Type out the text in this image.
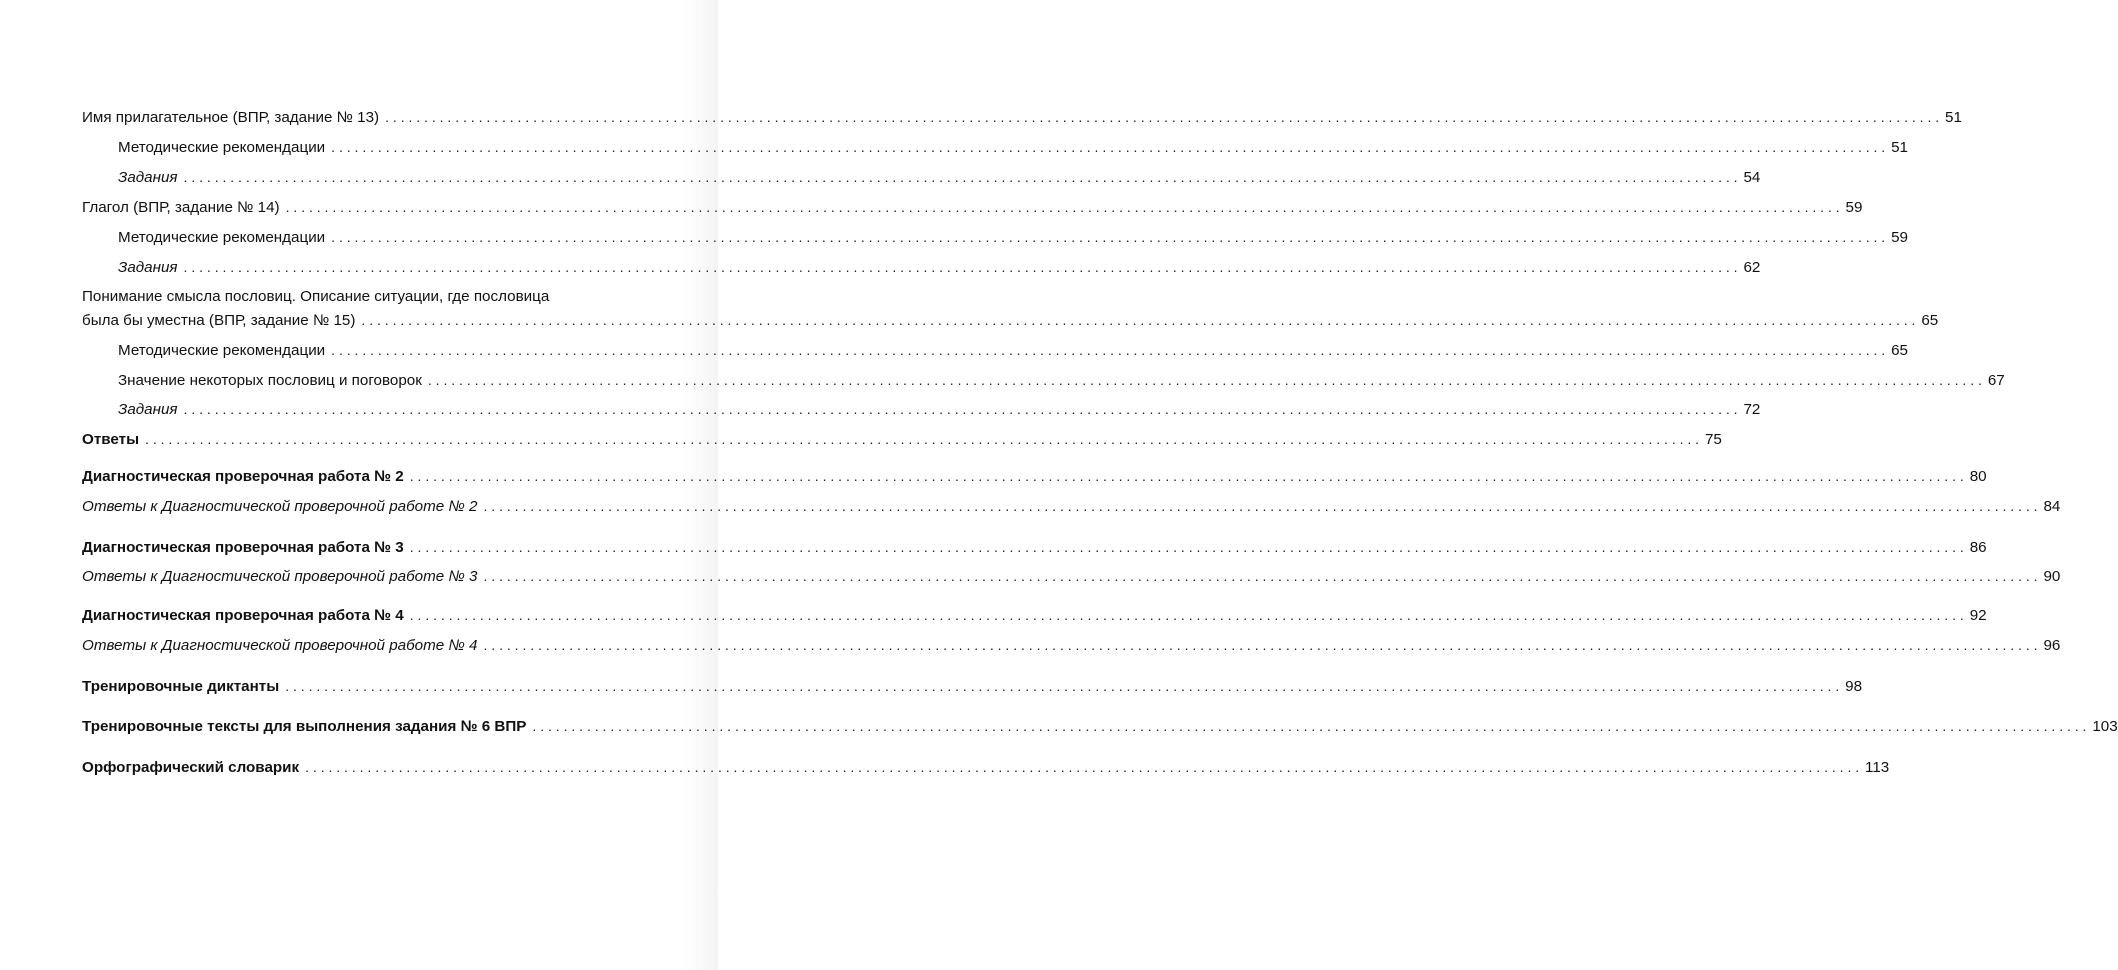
Имя прилагательное (ВПР, задание № 13) ........................................................................................................................................................................................................ 51
Методические рекомендации ........................................................................................................................................................................................................ 51
Задания ........................................................................................................................................................................................................ 54
Глагол (ВПР, задание № 14) ........................................................................................................................................................................................................ 59
Методические рекомендации ........................................................................................................................................................................................................ 59
Задания ........................................................................................................................................................................................................ 62
Понимание смысла пословиц. Описание ситуации, где пословица
была бы уместна (ВПР, задание № 15) ........................................................................................................................................................................................................ 65
Методические рекомендации ........................................................................................................................................................................................................ 65
Значение некоторых пословиц и поговорок ........................................................................................................................................................................................................ 67
Задания ........................................................................................................................................................................................................ 72
Ответы ........................................................................................................................................................................................................ 75
Диагностическая проверочная работа № 2 ........................................................................................................................................................................................................ 80
Ответы к Диагностической проверочной работе № 2 ........................................................................................................................................................................................................ 84
Диагностическая проверочная работа № 3 ........................................................................................................................................................................................................ 86
Ответы к Диагностической проверочной работе № 3 ........................................................................................................................................................................................................ 90
Диагностическая проверочная работа № 4 ........................................................................................................................................................................................................ 92
Ответы к Диагностической проверочной работе № 4 ........................................................................................................................................................................................................ 96
Тренировочные диктанты ........................................................................................................................................................................................................ 98
Тренировочные тексты для выполнения задания № 6 ВПР ........................................................................................................................................................................................................ 103
Орфографический словарик ........................................................................................................................................................................................................ 113
